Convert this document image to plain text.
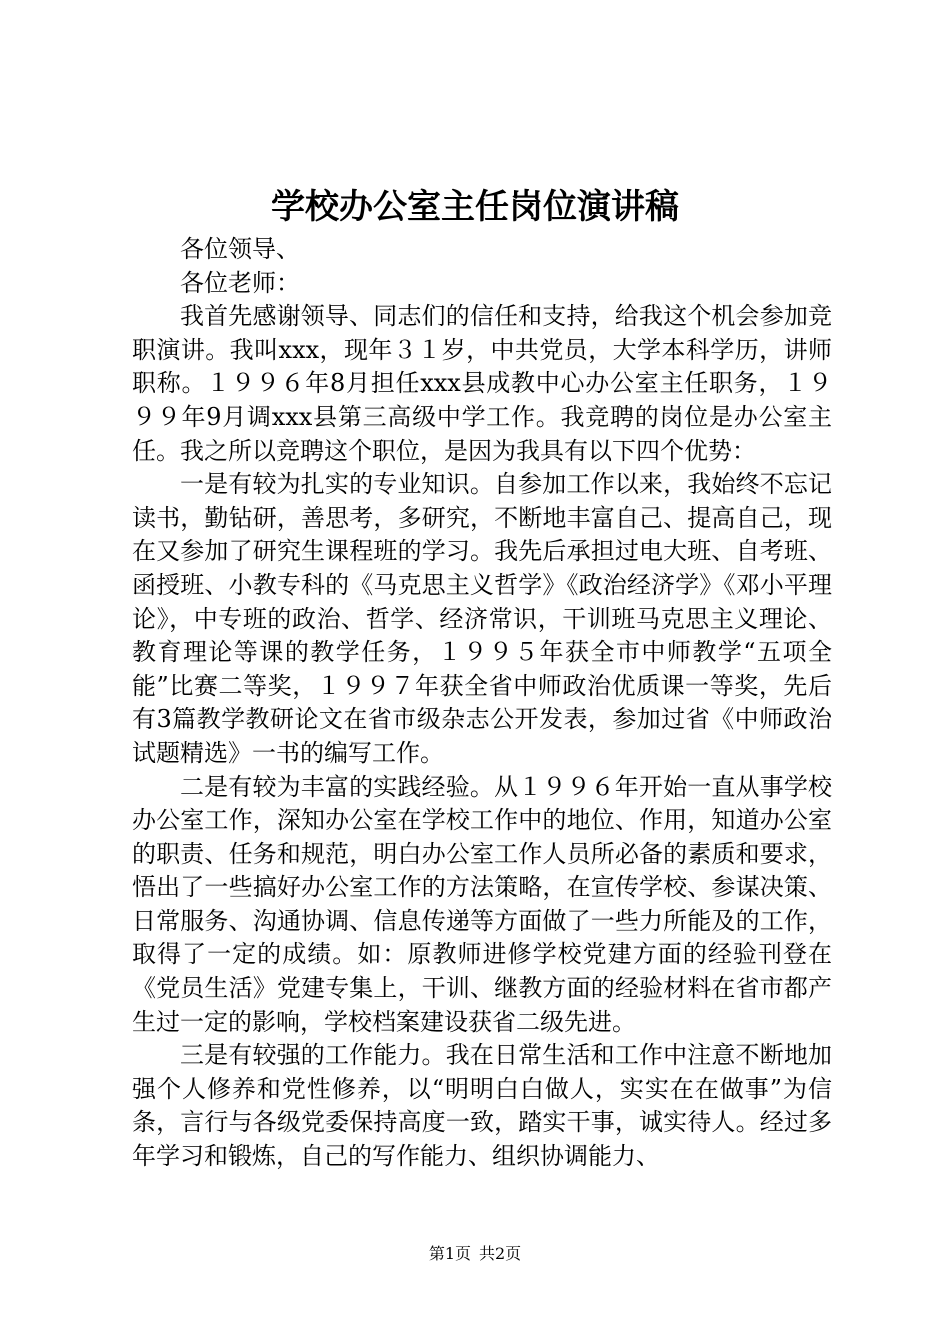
学校办公室主任岗位演讲稿

各位领导、

各位老师：

我首先感谢领导、同志们的信任和支持，给我这个机会参加竞职演讲。我叫xxx，现年３１岁，中共党员，大学本科学历，讲师职称。１９９６年8月担任xxx县成教中心办公室主任职务，１９９９年9月调xxx县第三高级中学工作。我竞聘的岗位是办公室主任。我之所以竞聘这个职位，是因为我具有以下四个优势：

一是有较为扎实的专业知识。自参加工作以来，我始终不忘记读书，勤钻研，善思考，多研究，不断地丰富自己、提高自己，现在又参加了研究生课程班的学习。我先后承担过电大班、自考班、函授班、小教专科的《马克思主义哲学》《政治经济学》《邓小平理论》，中专班的政治、哲学、经济常识，干训班马克思主义理论、教育理论等课的教学任务，１９９５年获全市中师教学“五项全能”比赛二等奖，１９９７年获全省中师政治优质课一等奖，先后有3篇教学教研论文在省市级杂志公开发表，参加过省《中师政治试题精选》一书的编写工作。

二是有较为丰富的实践经验。从１９９６年开始一直从事学校办公室工作，深知办公室在学校工作中的地位、作用，知道办公室的职责、任务和规范，明白办公室工作人员所必备的素质和要求，悟出了一些搞好办公室工作的方法策略，在宣传学校、参谋决策、日常服务、沟通协调、信息传递等方面做了一些力所能及的工作，取得了一定的成绩。如：原教师进修学校党建方面的经验刊登在《党员生活》党建专集上，干训、继教方面的经验材料在省市都产生过一定的影响，学校档案建设获省二级先进。

三是有较强的工作能力。我在日常生活和工作中注意不断地加强个人修养和党性修养，以“明明白白做人，实实在在做事”为信条，言行与各级党委保持高度一致，踏实干事，诚实待人。经过多年学习和锻炼，自己的写作能力、组织协调能力、

第1页 共2页
